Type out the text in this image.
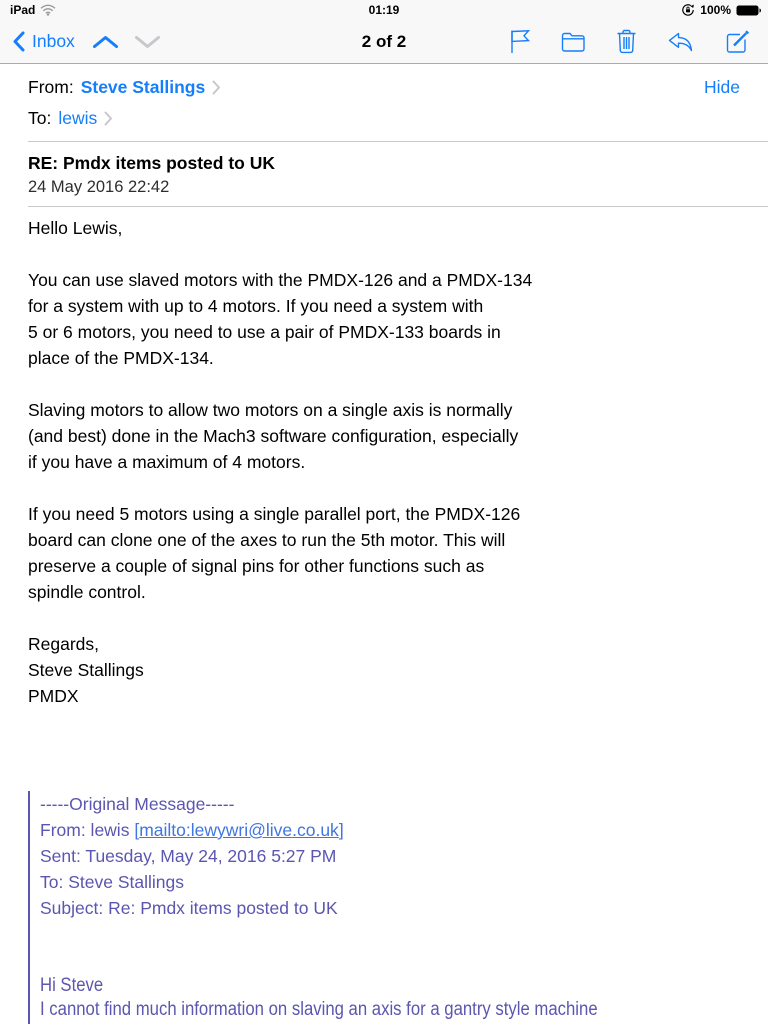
iPad	01:19	100%
Inbox	2 of 2
From: Steve Stallings	Hide
To: lewis
RE: Pmdx items posted to UK
24 May 2016 22:42
Hello Lewis,
You can use slaved motors with the PMDX-126 and a PMDX-134
for a system with up to 4 motors. If you need a system with
5 or 6 motors, you need to use a pair of PMDX-133 boards in
place of the PMDX-134.
Slaving motors to allow two motors on a single axis is normally
(and best) done in the Mach3 software configuration, especially
if you have a maximum of 4 motors.
If you need 5 motors using a single parallel port, the PMDX-126
board can clone one of the axes to run the 5th motor. This will
preserve a couple of signal pins for other functions such as
spindle control.
Regards,
Steve Stallings
PMDX
-----Original Message-----
From: lewis [mailto:lewywri@live.co.uk]
Sent: Tuesday, May 24, 2016 5:27 PM
To: Steve Stallings
Subject: Re: Pmdx items posted to UK
Hi Steve
I cannot find much information on slaving an axis for a gantry style machine
